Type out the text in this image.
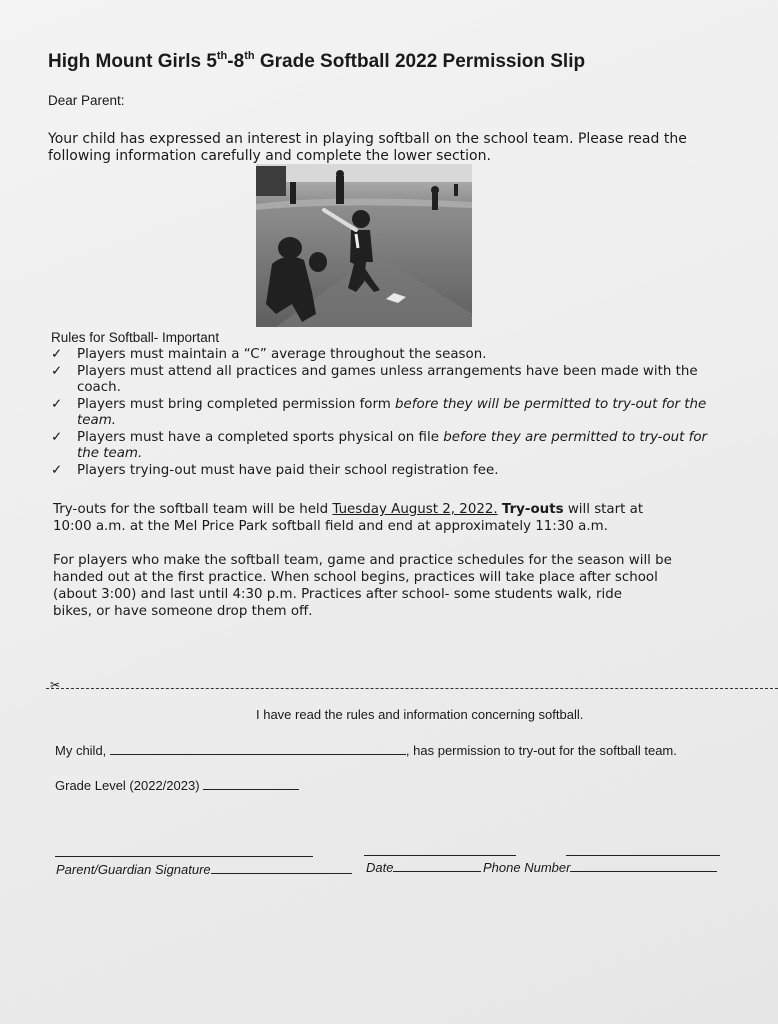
High Mount Girls 5th-8th Grade Softball 2022 Permission Slip
Dear Parent:
Your child has expressed an interest in playing softball on the school team. Please read the
following information carefully and complete the lower section.
Rules for Softball- Important
✓ Players must maintain a “C” average throughout the season.
✓ Players must attend all practices and games unless arrangements have been made with the coach.
✓ Players must bring completed permission form before they will be permitted to try-out for the team.
✓ Players must have a completed sports physical on file before they are permitted to try-out for the team.
✓ Players trying-out must have paid their school registration fee.
Try-outs for the softball team will be held Tuesday August 2, 2022. Try-outs will start at
10:00 a.m. at the Mel Price Park softball field and end at approximately 11:30 a.m.
For players who make the softball team, game and practice schedules for the season will be
handed out at the first practice. When school begins, practices will take place after school
(about 3:00) and last until 4:30 p.m. Practices after school- some students walk, ride
bikes, or have someone drop them off.
✂
I have read the rules and information concerning softball.
My child,	, has permission to try-out for the softball team.
Grade Level (2022/2023)
Parent/Guardian Signature	Date	Phone Number
